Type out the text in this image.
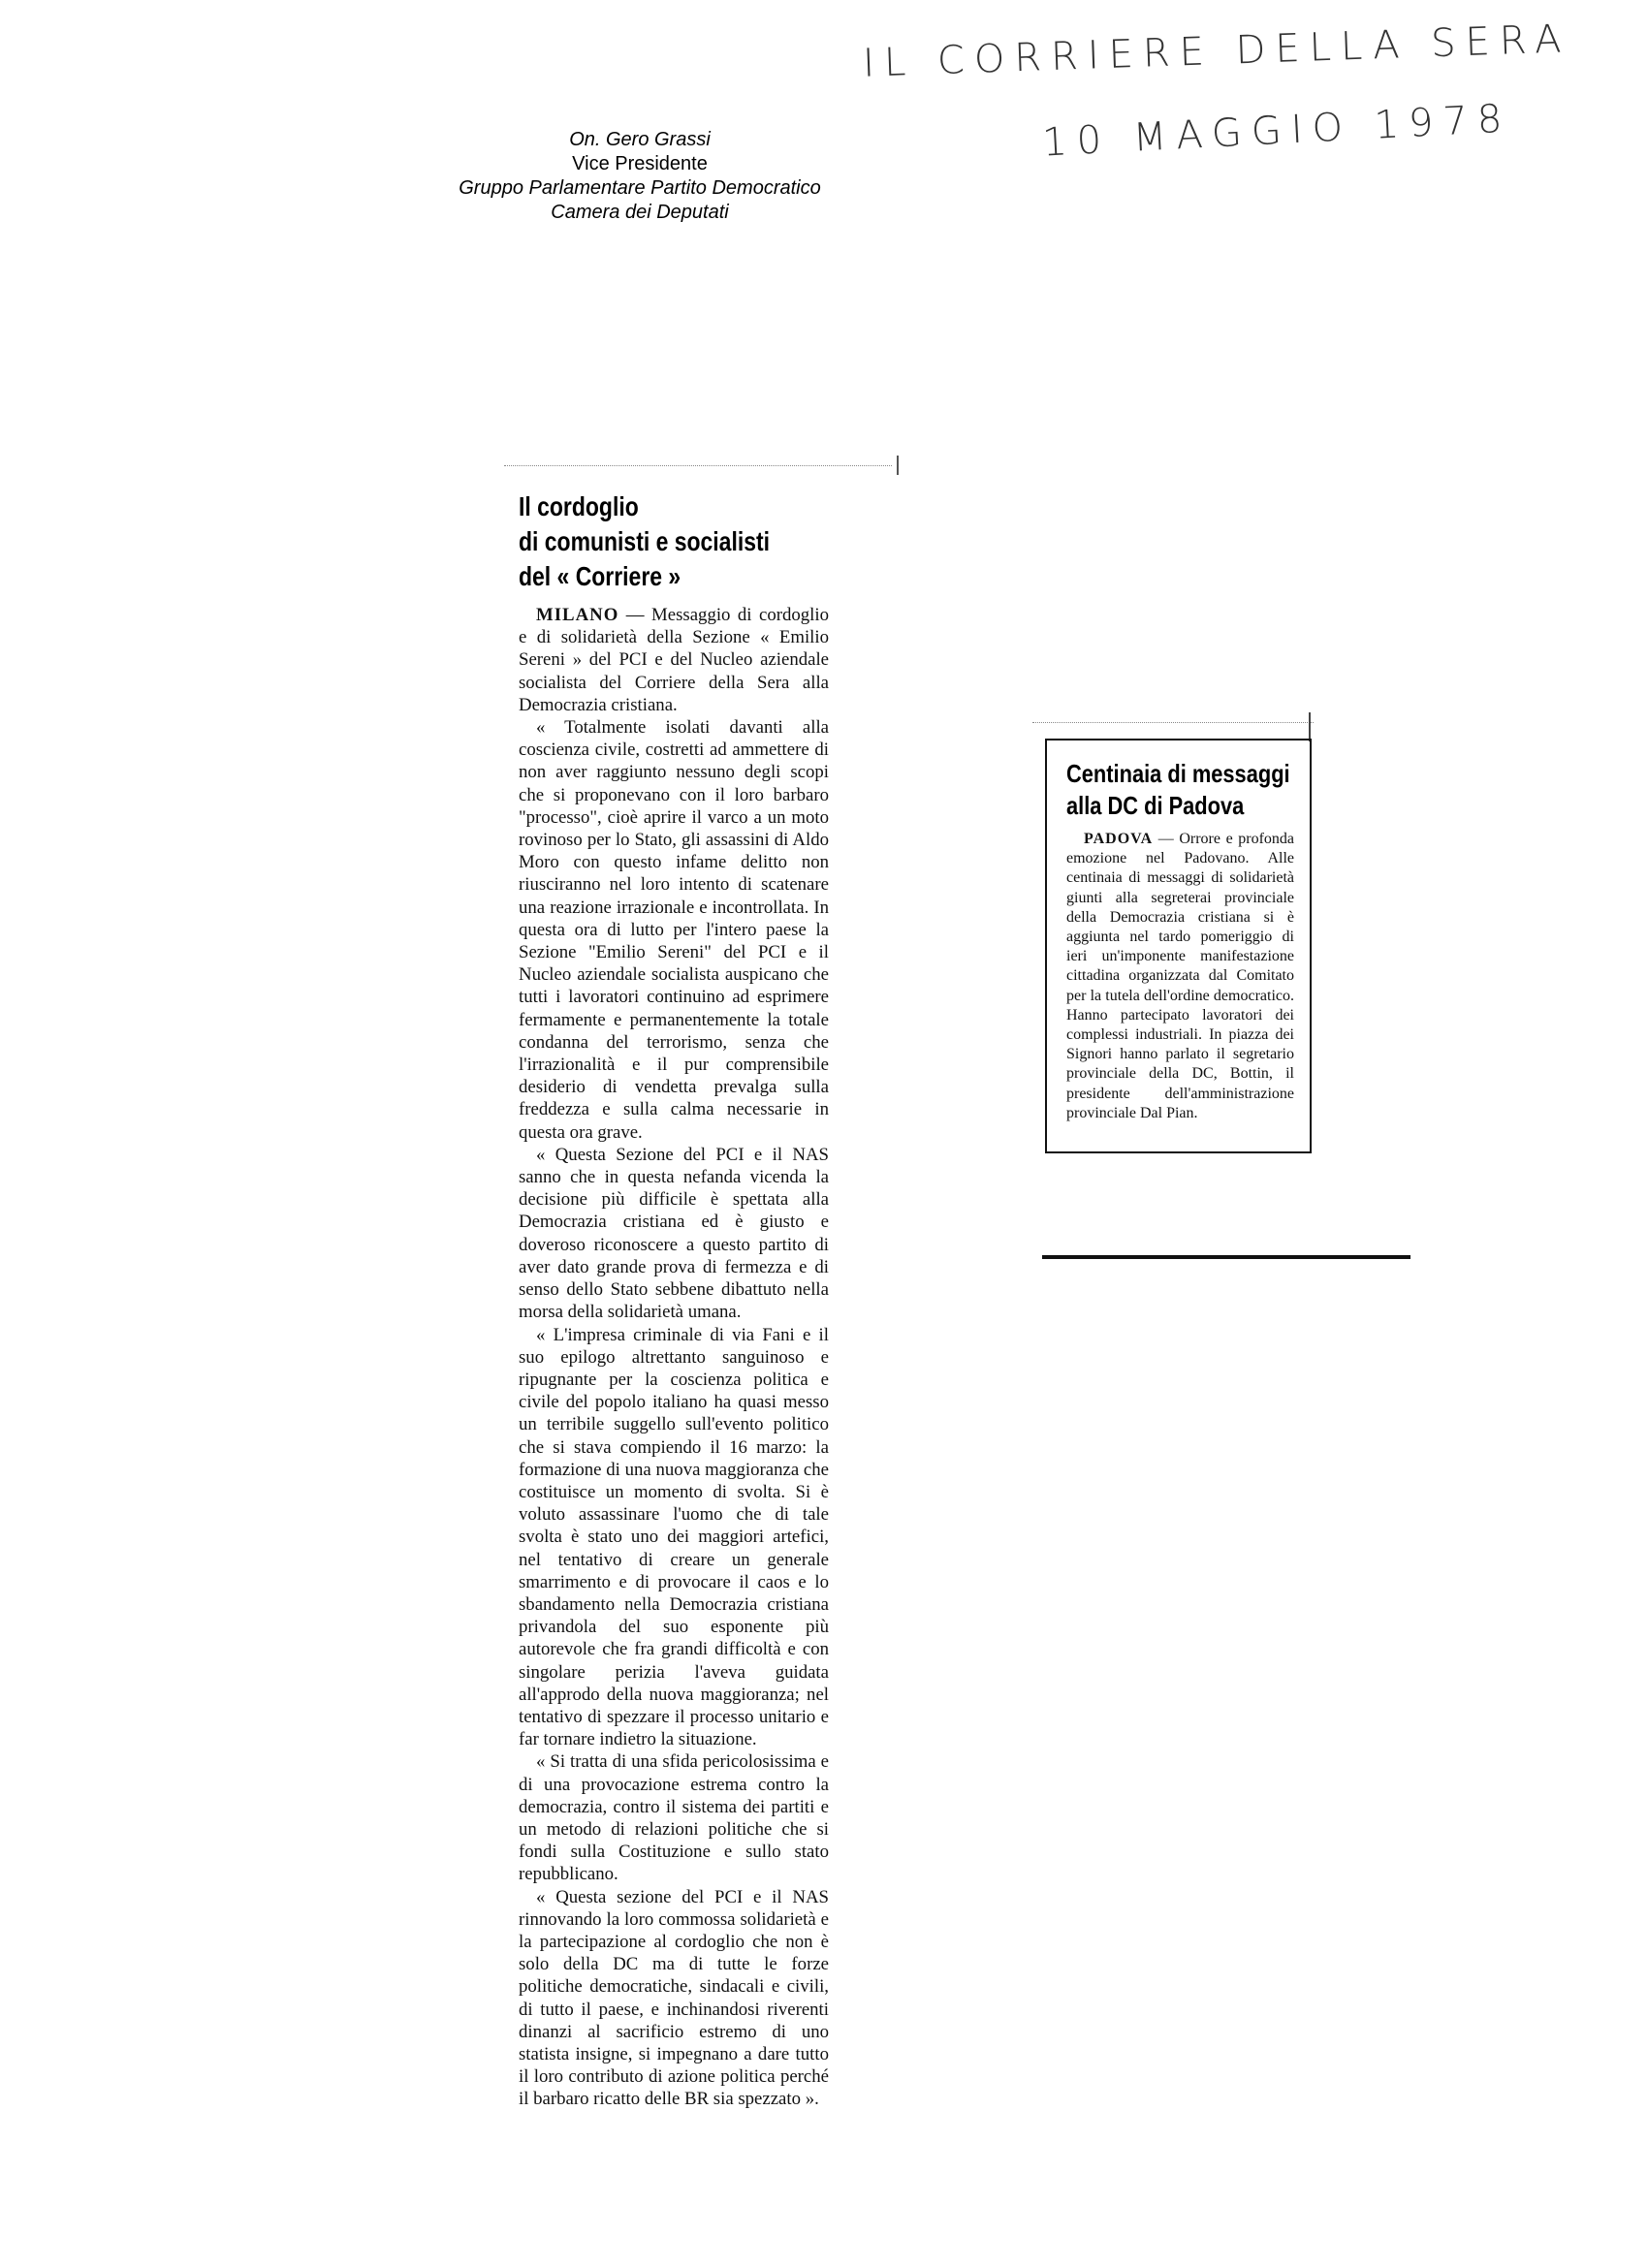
IL CORRIERE DELLA SERA
10 MAGGIO 1978
On. Gero Grassi
Vice Presidente
Gruppo Parlamentare Partito Democratico
Camera dei Deputati
Il cordoglio
di comunisti e socialisti
del « Corriere »

MILANO — Messaggio di cordoglio e di solidarietà della Sezione « Emilio Sereni » del PCI e del Nucleo aziendale socialista del Corriere della Sera alla Democrazia cristiana.

« Totalmente isolati davanti alla coscienza civile, costretti ad ammettere di non aver raggiunto nessuno degli scopi che si proponevano con il loro barbaro "processo", cioè aprire il varco a un moto rovinoso per lo Stato, gli assassini di Aldo Moro con questo infame delitto non riusciranno nel loro intento di scatenare una reazione irrazionale e incontrollata. In questa ora di lutto per l'intero paese la Sezione "Emilio Sereni" del PCI e il Nucleo aziendale socialista auspicano che tutti i lavoratori continuino ad esprimere fermamente e permanentemente la totale condanna del terrorismo, senza che l'irrazionalità e il pur comprensibile desiderio di vendetta prevalga sulla freddezza e sulla calma necessarie in questa ora grave.

« Questa Sezione del PCI e il NAS sanno che in questa nefanda vicenda la decisione più difficile è spettata alla Democrazia cristiana ed è giusto e doveroso riconoscere a questo partito di aver dato grande prova di fermezza e di senso dello Stato sebbene dibattuto nella morsa della solidarietà umana.

« L'impresa criminale di via Fani e il suo epilogo altrettanto sanguinoso e ripugnante per la coscienza politica e civile del popolo italiano ha quasi messo un terribile suggello sull'evento politico che si stava compiendo il 16 marzo: la formazione di una nuova maggioranza che costituisce un momento di svolta. Si è voluto assassinare l'uomo che di tale svolta è stato uno dei maggiori artefici, nel tentativo di creare un generale smarrimento e di provocare il caos e lo sbandamento nella Democrazia cristiana privandola del suo esponente più autorevole che fra grandi difficoltà e con singolare perizia l'aveva guidata all'approdo della nuova maggioranza; nel tentativo di spezzare il processo unitario e far tornare indietro la situazione.

« Si tratta di una sfida pericolosissima e di una provocazione estrema contro la democrazia, contro il sistema dei partiti e un metodo di relazioni politiche che si fondi sulla Costituzione e sullo stato repubblicano.

« Questa sezione del PCI e il NAS rinnovando la loro commossa solidarietà e la partecipazione al cordoglio che non è solo della DC ma di tutte le forze politiche democratiche, sindacali e civili, di tutto il paese, e inchinandosi riverenti dinanzi al sacrificio estremo di uno statista insigne, si impegnano a dare tutto il loro contributo di azione politica perché il barbaro ricatto delle BR sia spezzato ».

Centinaia di messaggi
alla DC di Padova

PADOVA — Orrore e profonda emozione nel Padovano. Alle centinaia di messaggi di solidarietà giunti alla segreterai provinciale della Democrazia cristiana si è aggiunta nel tardo pomeriggio di ieri un'imponente manifestazione cittadina organizzata dal Comitato per la tutela dell'ordine democratico. Hanno partecipato lavoratori dei complessi industriali. In piazza dei Signori hanno parlato il segretario provinciale della DC, Bottin, il presidente dell'amministrazione provinciale Dal Pian.
